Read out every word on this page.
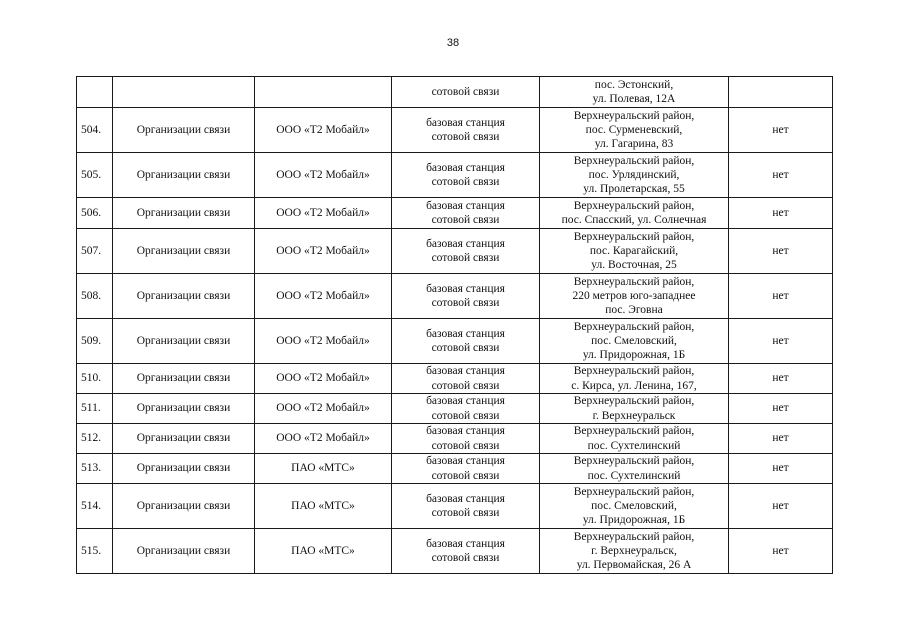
38

			сотовой связи	пос. Эстонский,
ул. Полевая, 12А	

504.	Организации связи	ООО «Т2 Мобайл»	базовая станция
сотовой связи	Верхнеуральский район,
пос. Сурменевский,
ул. Гагарина, 83	нет
505.	Организации связи	ООО «Т2 Мобайл»	базовая станция
сотовой связи	Верхнеуральский район,
пос. Урлядинский,
ул. Пролетарская, 55	нет
506.	Организации связи	ООО «Т2 Мобайл»	базовая станция
сотовой связи	Верхнеуральский район,
пос. Спасский, ул. Солнечная	нет
507.	Организации связи	ООО «Т2 Мобайл»	базовая станция
сотовой связи	Верхнеуральский район,
пос. Карагайский,
ул. Восточная, 25	нет
508.	Организации связи	ООО «Т2 Мобайл»	базовая станция
сотовой связи	Верхнеуральский район,
220 метров юго-западнее
пос. Эговна	нет
509.	Организации связи	ООО «Т2 Мобайл»	базовая станция
сотовой связи	Верхнеуральский район,
пос. Смеловский,
ул. Придорожная, 1Б	нет
510.	Организации связи	ООО «Т2 Мобайл»	базовая станция
сотовой связи	Верхнеуральский район,
с. Кирса, ул. Ленина, 167,	нет
511.	Организации связи	ООО «Т2 Мобайл»	базовая станция
сотовой связи	Верхнеуральский район,
г. Верхнеуральск	нет
512.	Организации связи	ООО «Т2 Мобайл»	базовая станция
сотовой связи	Верхнеуральский район,
пос. Сухтелинский	нет
513.	Организации связи	ПАО «МТС»	базовая станция
сотовой связи	Верхнеуральский район,
пос. Сухтелинский	нет
514.	Организации связи	ПАО «МТС»	базовая станция
сотовой связи	Верхнеуральский район,
пос. Смеловский,
ул. Придорожная, 1Б	нет
515.	Организации связи	ПАО «МТС»	базовая станция
сотовой связи	Верхнеуральский район,
г. Верхнеуральск,
ул. Первомайская, 26 А	нет
